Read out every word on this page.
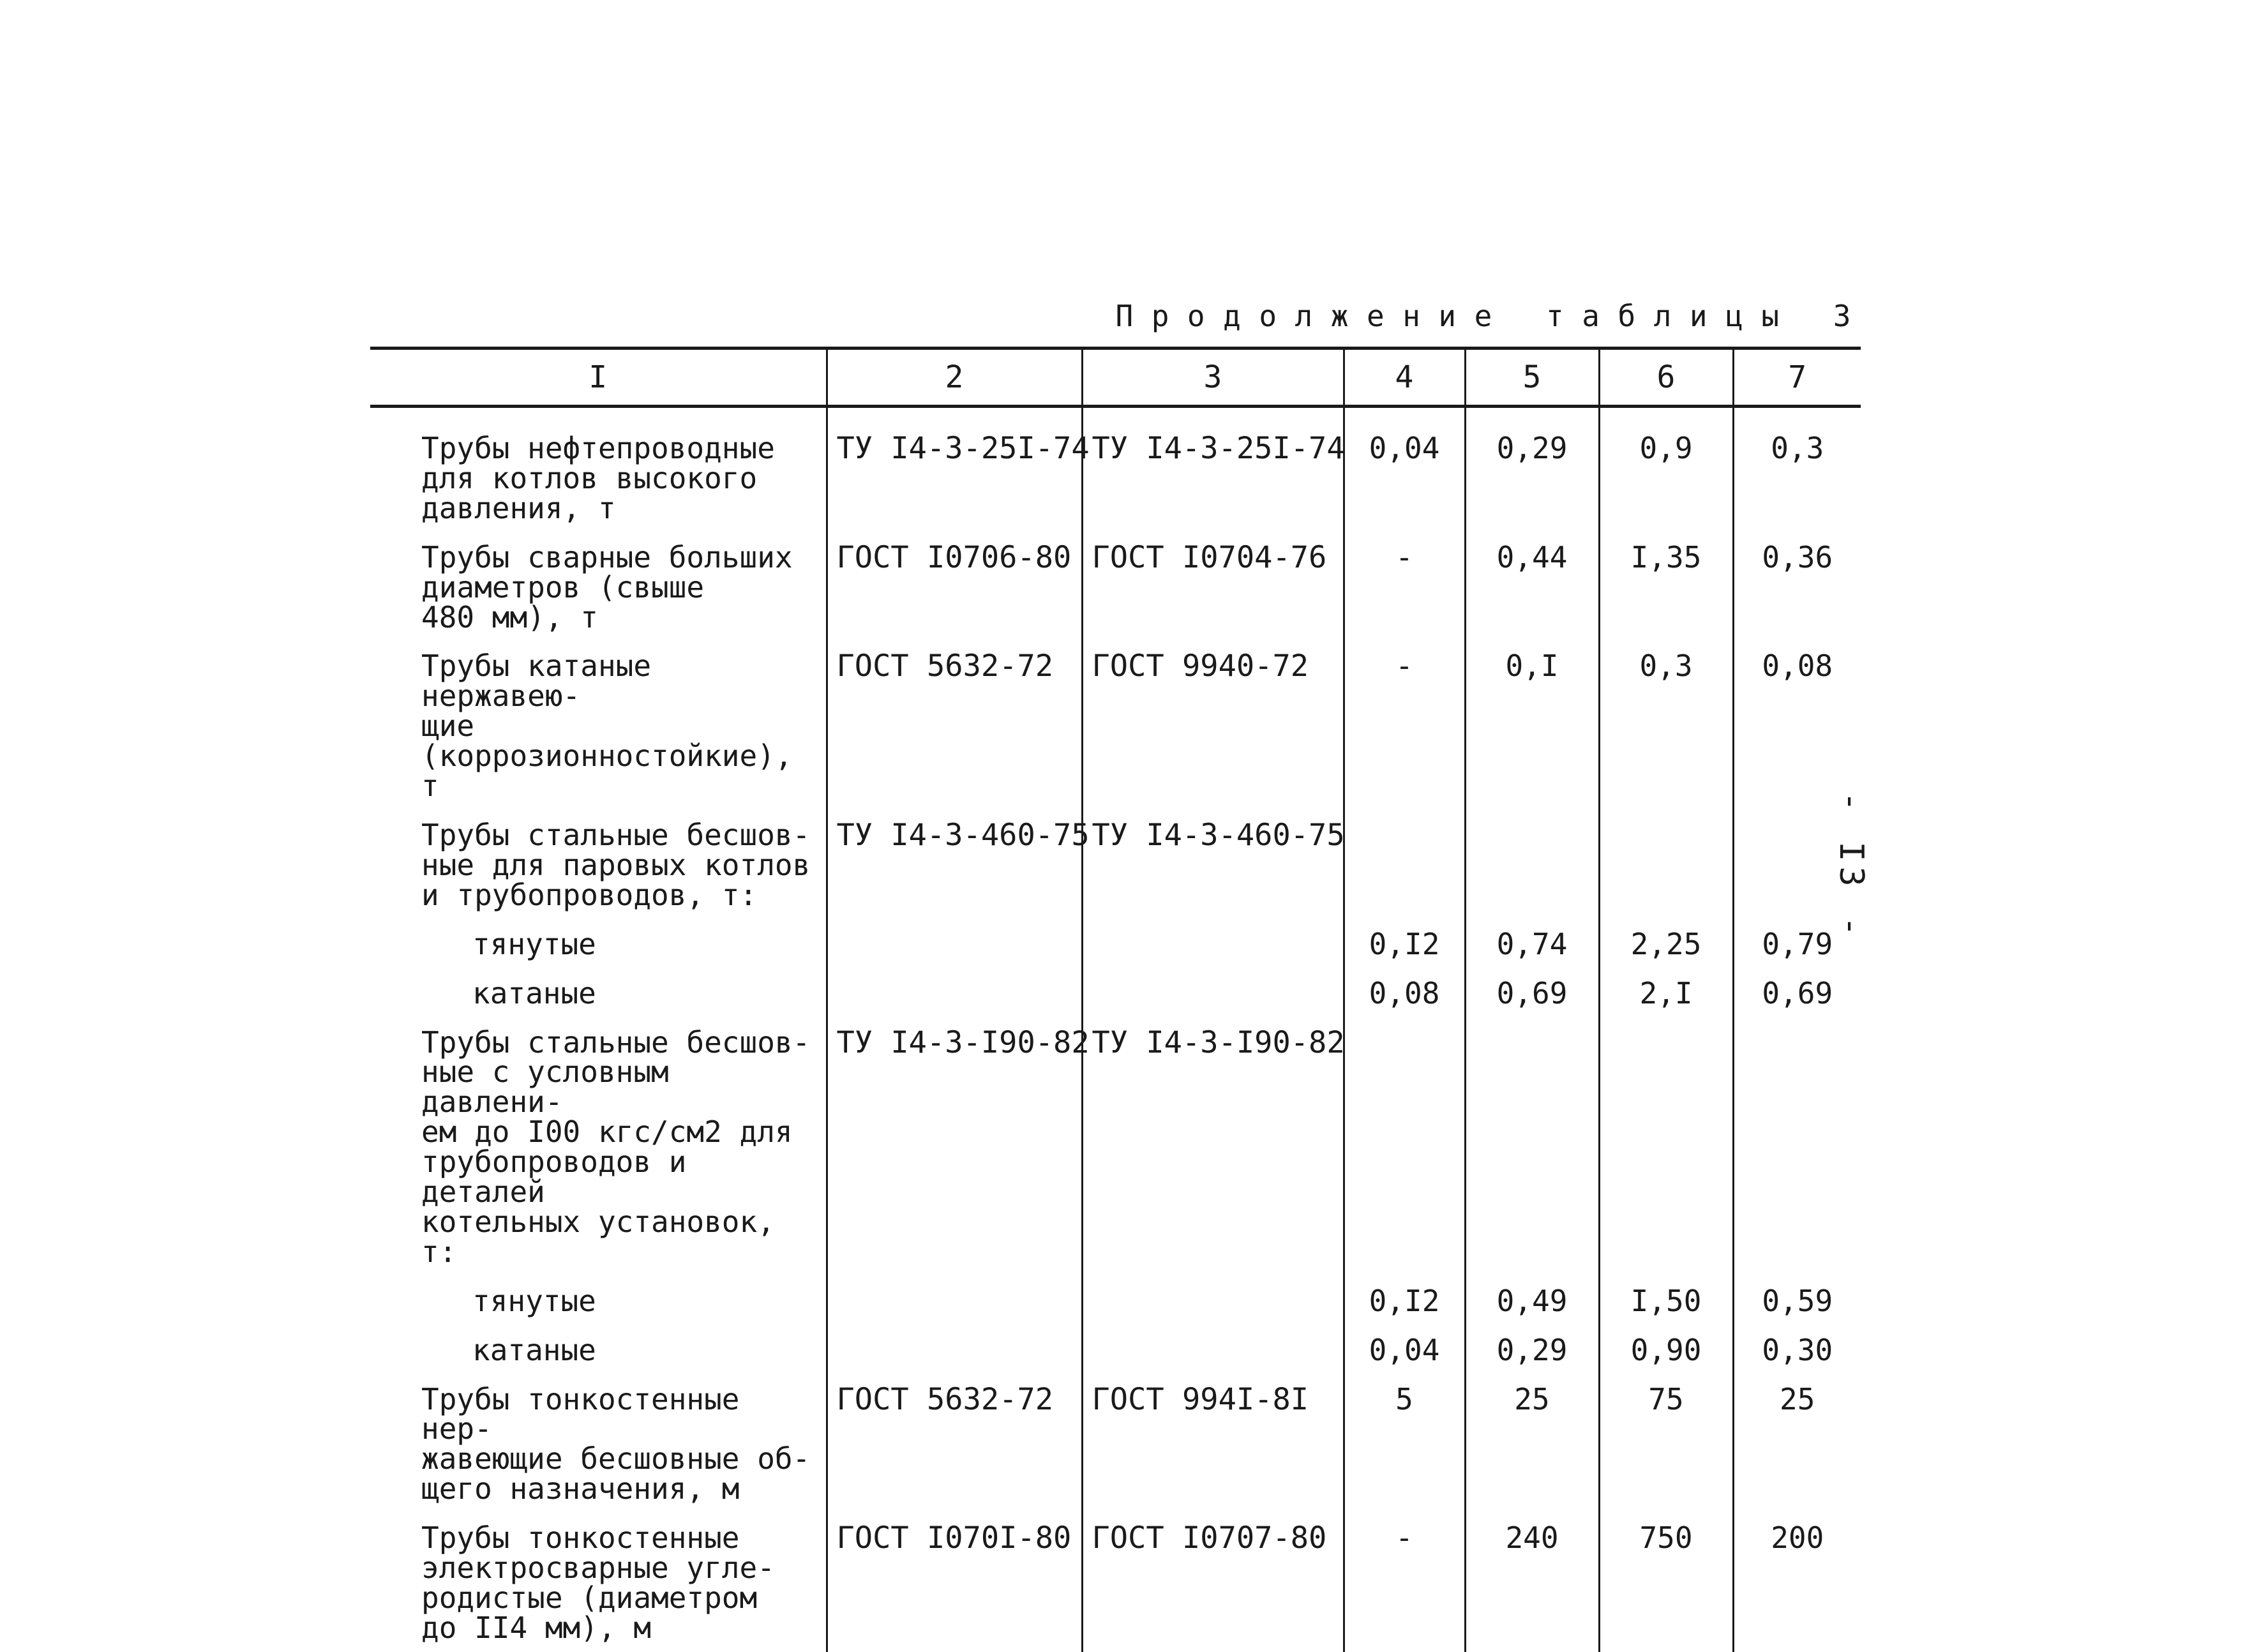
Продолжение таблицы 3
- I3 -
I	2	3	4	5	6	7
Трубы нефтепроводные
для котлов высокого
давления, т	ТУ I4-3-25I-74	ТУ I4-3-25I-74	0,04	0,29	0,9	0,3
Трубы сварные больших
диаметров (свыше
480 мм), т	ГОСТ I0706-80	ГОСТ I0704-76	-	0,44	I,35	0,36
Трубы катаные нержавею-
щие (коррозионностойкие),
т	ГОСТ 5632-72	ГОСТ 9940-72	-	0,I	0,3	0,08
Трубы стальные бесшов-
ные для паровых котлов
и трубопроводов, т:	ТУ I4-3-460-75	ТУ I4-3-460-75				
тянутые			0,I2	0,74	2,25	0,79
катаные			0,08	0,69	2,I	0,69
Трубы стальные бесшов-
ные с условным давлени-
ем до I00 кгс/см2 для
трубопроводов и деталей
котельных установок, т:	ТУ I4-3-I90-82	ТУ I4-3-I90-82				
тянутые			0,I2	0,49	I,50	0,59
катаные			0,04	0,29	0,90	0,30
Трубы тонкостенные нер-
жавеющие бесшовные об-
щего назначения, м	ГОСТ 5632-72	ГОСТ 994I-8I	5	25	75	25
Трубы тонкостенные
электросварные угле-
родистые (диаметром
до II4 мм), м	ГОСТ I070I-80	ГОСТ I0707-80	-	240	750	200
